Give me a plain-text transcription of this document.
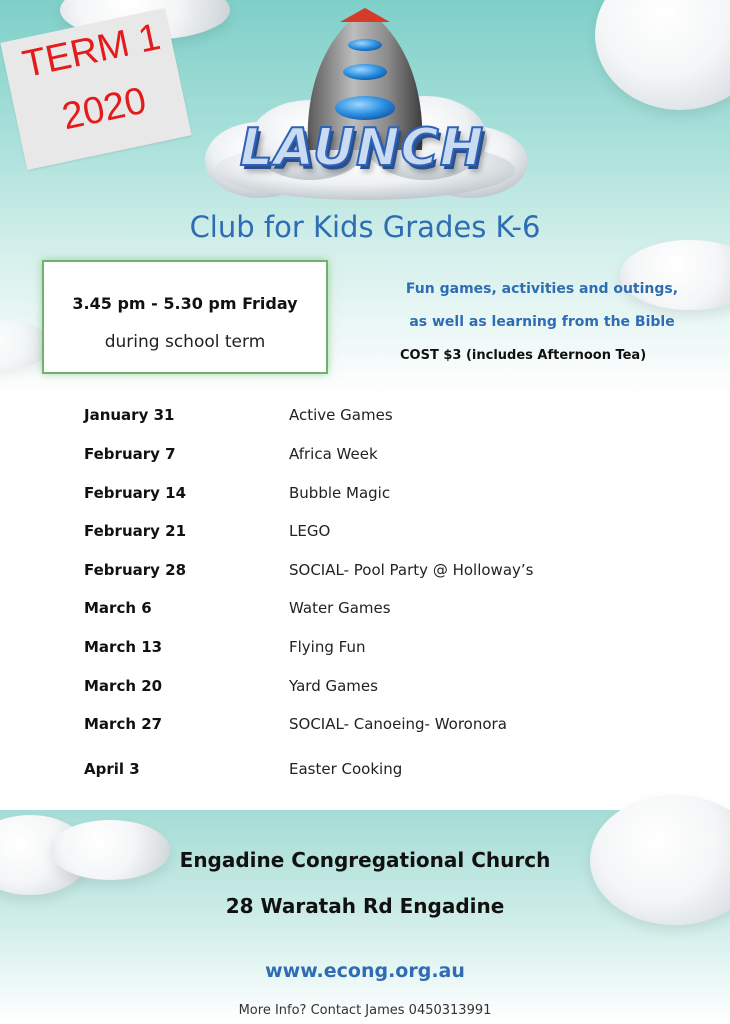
TERM 1
2020
LAUNCH
Club for Kids Grades K-6
3.45 pm - 5.30 pm Friday
during school term
Fun games, activities and outings,
as well as learning from the Bible
COST $3 (includes Afternoon Tea)
January 31	Active Games
February 7	Africa Week
February 14	Bubble Magic
February 21	LEGO
February 28	SOCIAL- Pool Party @ Holloway’s
March 6	Water Games
March 13	Flying Fun
March 20	Yard Games
March 27	SOCIAL- Canoeing- Woronora
April 3	Easter Cooking
Engadine Congregational Church
28 Waratah Rd Engadine
www.econg.org.au
More Info? Contact James 0450313991
